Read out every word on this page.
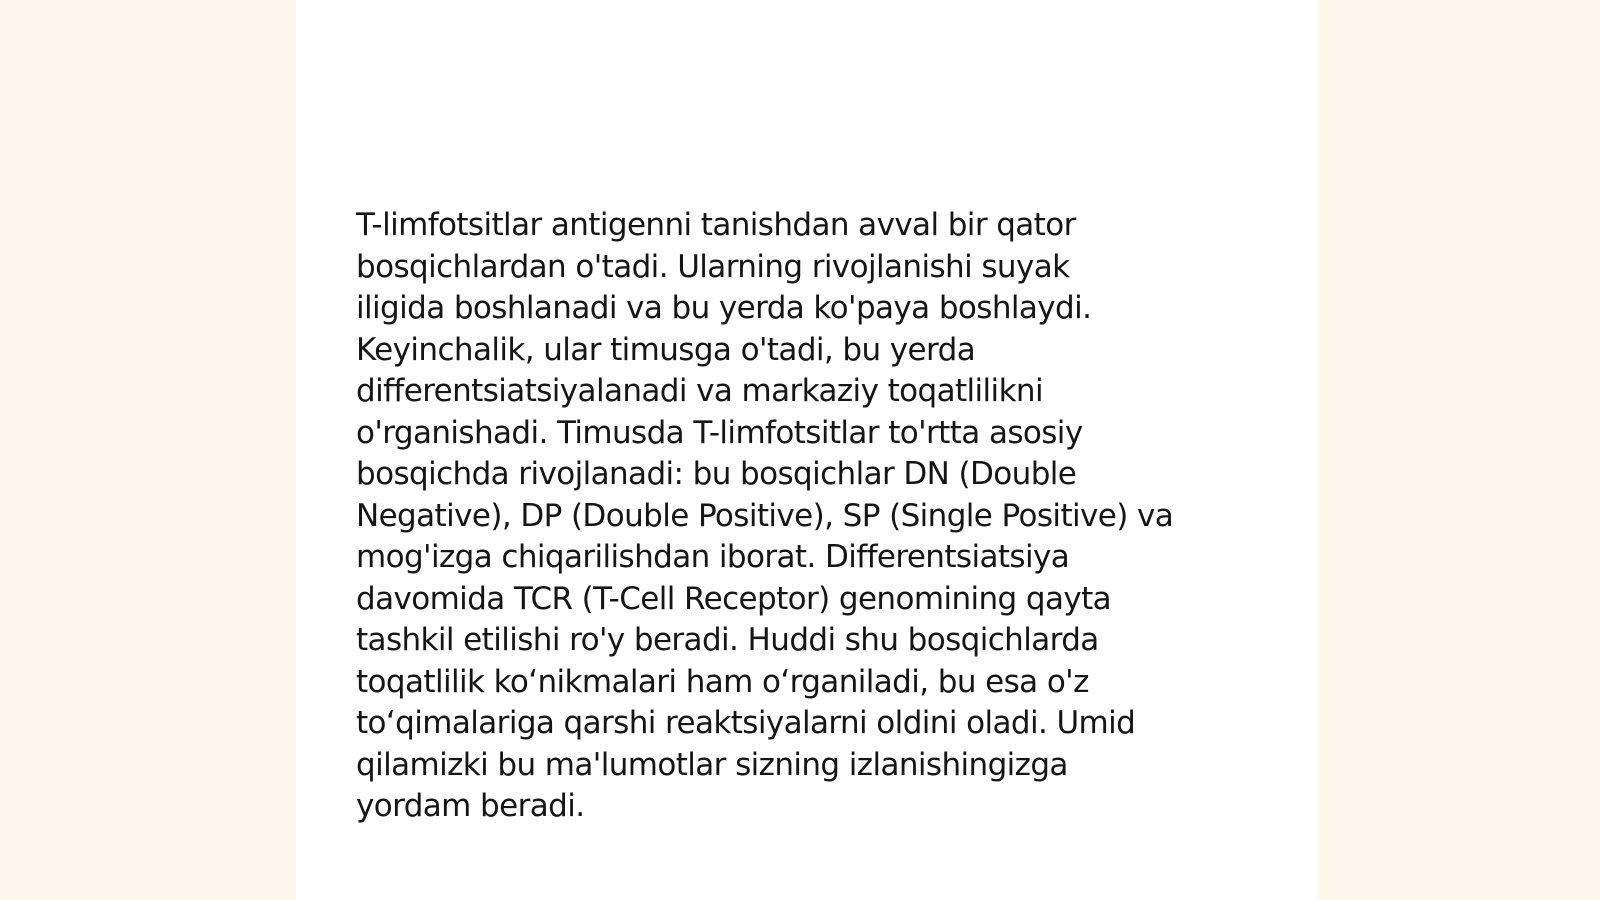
T-limfotsitlar antigenni tanishdan avval bir qator
bosqichlardan o'tadi. Ularning rivojlanishi suyak
iligida boshlanadi va bu yerda ko'paya boshlaydi.
Keyinchalik, ular timusga o'tadi, bu yerda
differentsiatsiyalanadi va markaziy toqatlilikni
o'rganishadi. Timusda T-limfotsitlar to'rtta asosiy
bosqichda rivojlanadi: bu bosqichlar DN (Double
Negative), DP (Double Positive), SP (Single Positive) va
mog'izga chiqarilishdan iborat. Differentsiatsiya
davomida TCR (T-Cell Receptor) genomining qayta
tashkil etilishi ro'y beradi. Huddi shu bosqichlarda
toqatlilik koʻnikmalari ham oʻrganiladi, bu esa o'z
toʻqimalariga qarshi reaktsiyalarni oldini oladi. Umid
qilamizki bu ma'lumotlar sizning izlanishingizga
yordam beradi.
